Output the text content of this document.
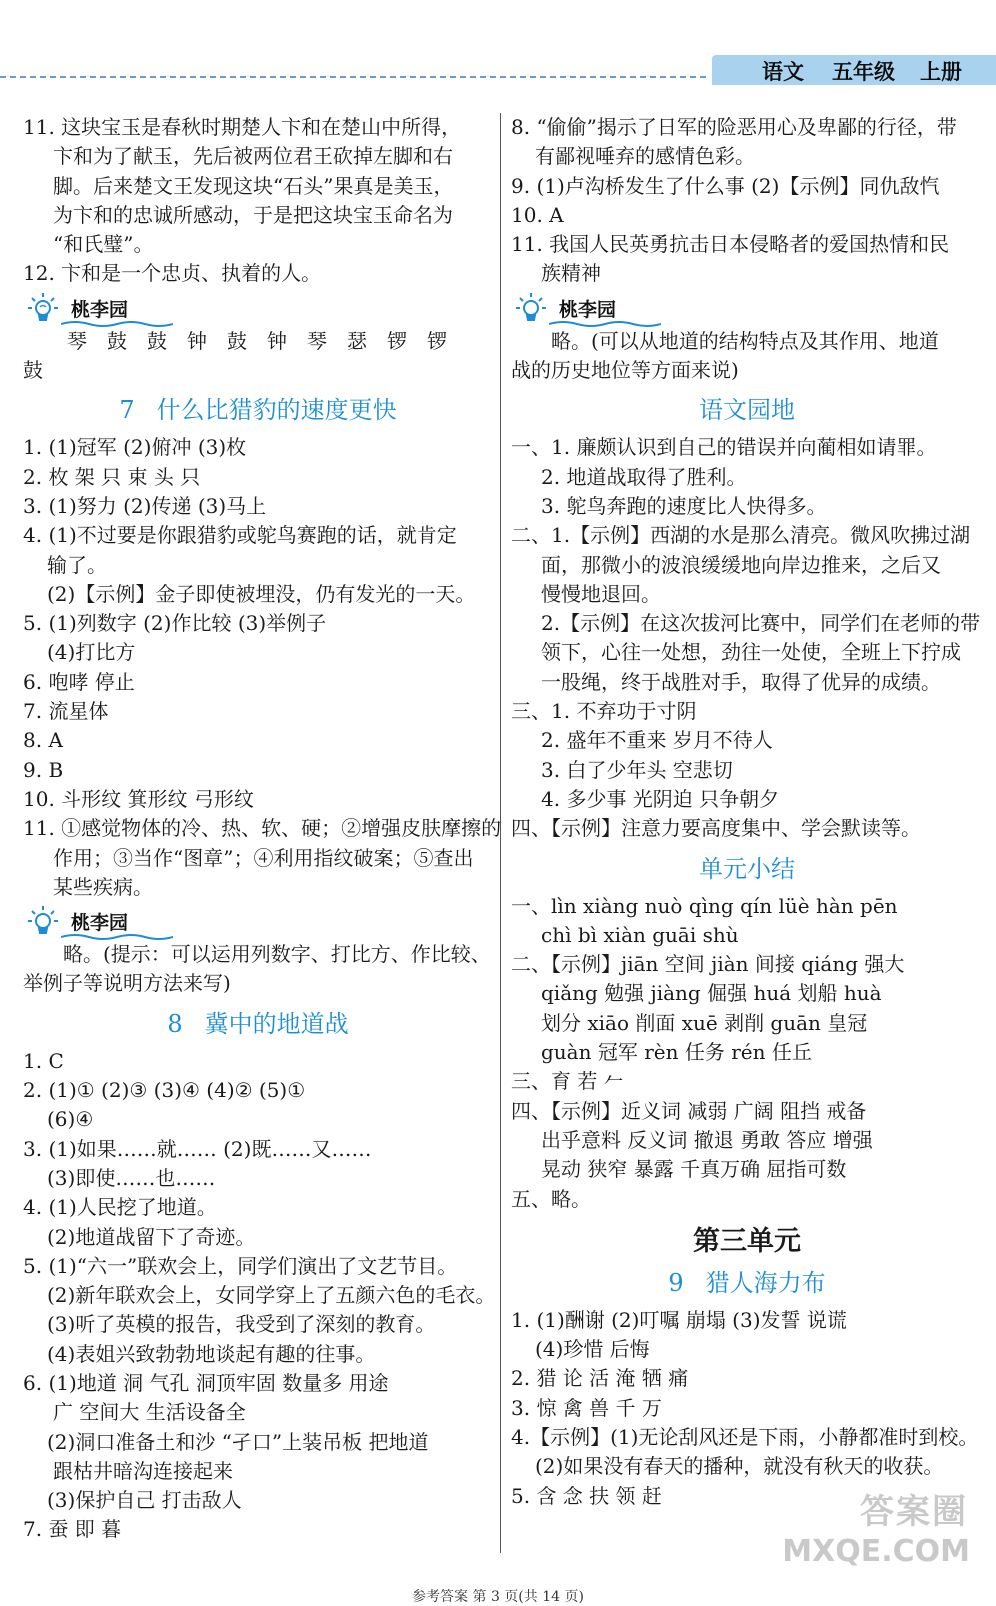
语文 五年级 上册
11. 这块宝玉是春秋时期楚人卞和在楚山中所得，
卞和为了献玉，先后被两位君王砍掉左脚和右
脚。后来楚文王发现这块“石头”果真是美玉，
为卞和的忠诚所感动，于是把这块宝玉命名为
“和氏璧”。
12. 卞和是一个忠贞、执着的人。
桃李园
琴 鼓 鼓 钟 鼓 钟 琴 瑟 锣 锣
鼓
7 什么比猎豹的速度更快
1. (1)冠军 (2)俯冲 (3)枚
2. 枚 架 只 束 头 只
3. (1)努力 (2)传递 (3)马上
4. (1)不过要是你跟猎豹或鸵鸟赛跑的话，就肯定
输了。
(2)【示例】金子即使被埋没，仍有发光的一天。
5. (1)列数字 (2)作比较 (3)举例子
(4)打比方
6. 咆哮 停止
7. 流星体
8. A
9. B
10. 斗形纹 箕形纹 弓形纹
11. ①感觉物体的冷、热、软、硬；②增强皮肤摩擦的
作用；③当作“图章”；④利用指纹破案；⑤查出
某些疾病。
桃李园
略。(提示：可以运用列数字、打比方、作比较、
举例子等说明方法来写)
8 冀中的地道战
1. C
2. (1)① (2)③ (3)④ (4)② (5)①
(6)④
3. (1)如果……就…… (2)既……又……
(3)即使……也……
4. (1)人民挖了地道。
(2)地道战留下了奇迹。
5. (1)“六一”联欢会上，同学们演出了文艺节目。
(2)新年联欢会上，女同学穿上了五颜六色的毛衣。
(3)听了英模的报告，我受到了深刻的教育。
(4)表姐兴致勃勃地谈起有趣的往事。
6. (1)地道 洞 气孔 洞顶牢固 数量多 用途
广 空间大 生活设备全
(2)洞口准备土和沙 “孑口”上装吊板 把地道
跟枯井暗沟连接起来
(3)保护自己 打击敌人
7. 蚕 即 暮
8. “偷偷”揭示了日军的险恶用心及卑鄙的行径，带
有鄙视唾弃的感情色彩。
9. (1)卢沟桥发生了什么事 (2)【示例】同仇敌忾
10. A
11. 我国人民英勇抗击日本侵略者的爱国热情和民
族精神
桃李园
略。(可以从地道的结构特点及其作用、地道
战的历史地位等方面来说)
语文园地
一、1. 廉颇认识到自己的错误并向蔺相如请罪。
2. 地道战取得了胜利。
3. 鸵鸟奔跑的速度比人快得多。
二、1.【示例】西湖的水是那么清亮。微风吹拂过湖
面，那微小的波浪缓缓地向岸边推来，之后又
慢慢地退回。
2.【示例】在这次拔河比赛中，同学们在老师的带
领下，心往一处想，劲往一处使，全班上下拧成
一股绳，终于战胜对手，取得了优异的成绩。
三、1. 不弃功于寸阴
2. 盛年不重来 岁月不待人
3. 白了少年头 空悲切
4. 多少事 光阴迫 只争朝夕
四、【示例】注意力要高度集中、学会默读等。
单元小结
一、lìn xiàng nuò qìng qín lüè hàn pēn
chì bì xiàn guāi shù
二、【示例】jiān 空间 jiàn 间接 qiáng 强大
qiǎng 勉强 jiàng 倔强 huá 划船 huà
划分 xiāo 削面 xuē 剥削 guān 皇冠
guàn 冠军 rèn 任务 rén 任丘
三、育 若 𠂉
四、【示例】近义词 减弱 广阔 阻挡 戒备
出乎意料 反义词 撤退 勇敢 答应 增强
晃动 狭窄 暴露 千真万确 屈指可数
五、略。
第三单元
9 猎人海力布
1. (1)酬谢 (2)叮嘱 崩塌 (3)发誓 说谎
(4)珍惜 后悔
2. 猎 论 活 淹 牺 痛
3. 惊 禽 兽 千 万
4.【示例】(1)无论刮风还是下雨，小静都准时到校。
(2)如果没有春天的播种，就没有秋天的收获。
5. 含 念 扶 领 赶	答案圈
MXQE.COM
参考答案 第 3 页(共 14 页)
